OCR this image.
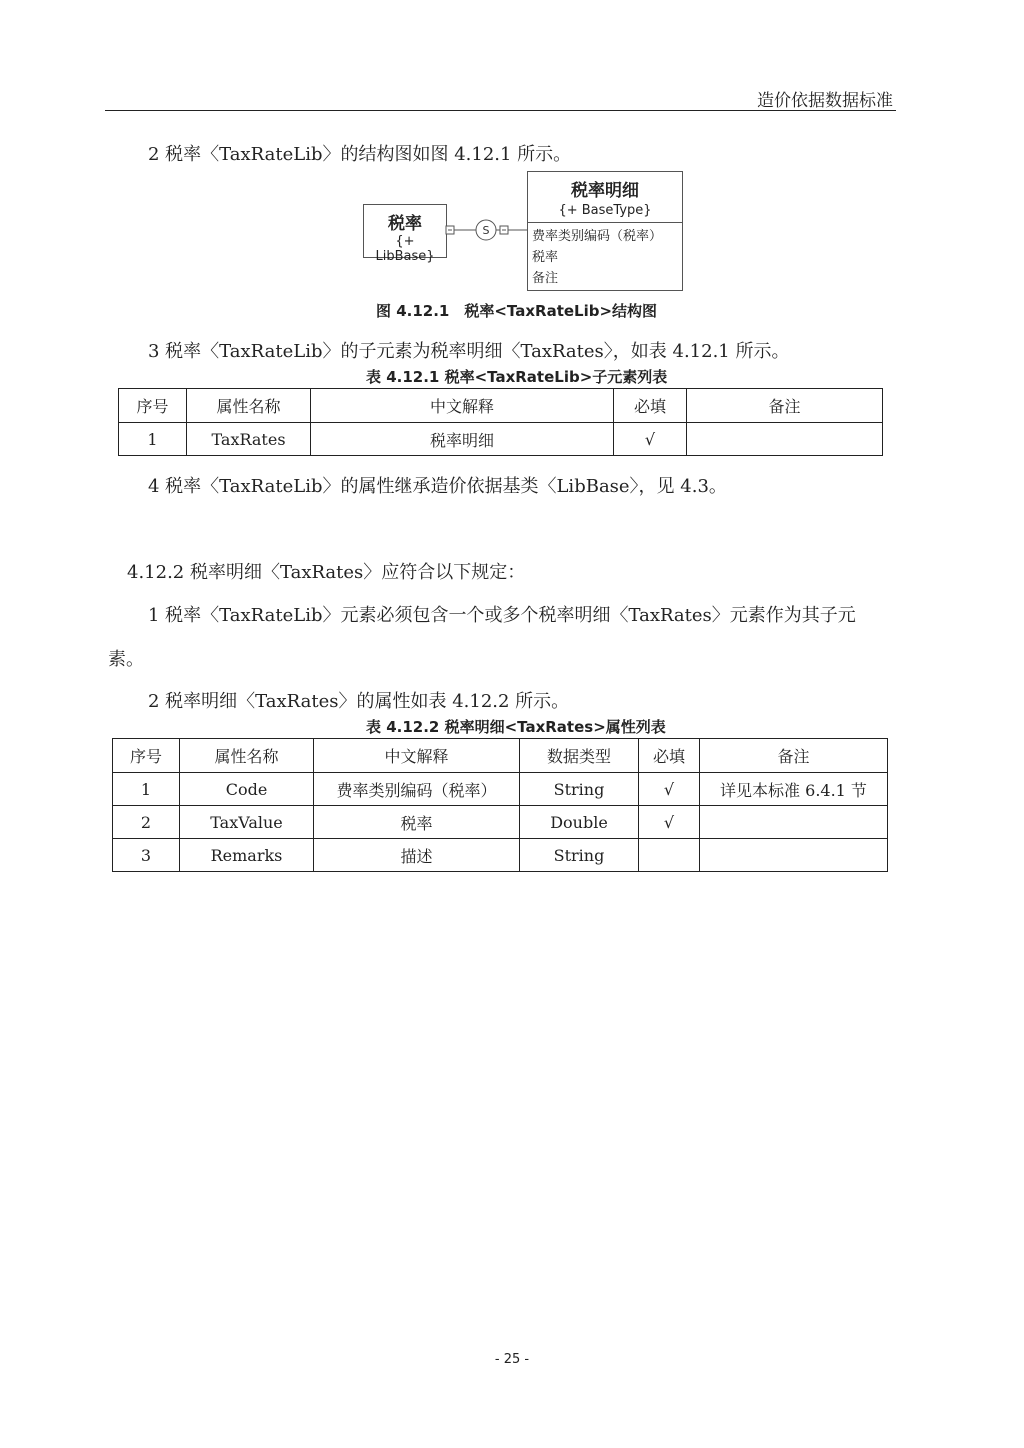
造价依据数据标准
2 税率〈TaxRateLib〉的结构图如图 4.12.1 所示。
税率
{+ LibBase}
S
税率明细
{+ BaseType}
费率类别编码（税率）
税率
备注
图 4.12.1　税率<TaxRateLib>结构图
3 税率〈TaxRateLib〉的子元素为税率明细〈TaxRates〉，如表 4.12.1 所示。
表 4.12.1 税率<TaxRateLib>子元素列表
序号	属性名称	中文解释	必填	备注
1	TaxRates	税率明细	√	
4 税率〈TaxRateLib〉的属性继承造价依据基类〈LibBase〉，见 4.3。
4.12.2 税率明细〈TaxRates〉应符合以下规定：
1 税率〈TaxRateLib〉元素必须包含一个或多个税率明细〈TaxRates〉元素作为其子元
素。
2 税率明细〈TaxRates〉的属性如表 4.12.2 所示。
表 4.12.2 税率明细<TaxRates>属性列表
序号	属性名称	中文解释	数据类型	必填	备注
1	Code	费率类别编码（税率）	String	√	详见本标准 6.4.1 节
2	TaxValue	税率	Double	√	
3	Remarks	描述	String		
- 25 -
